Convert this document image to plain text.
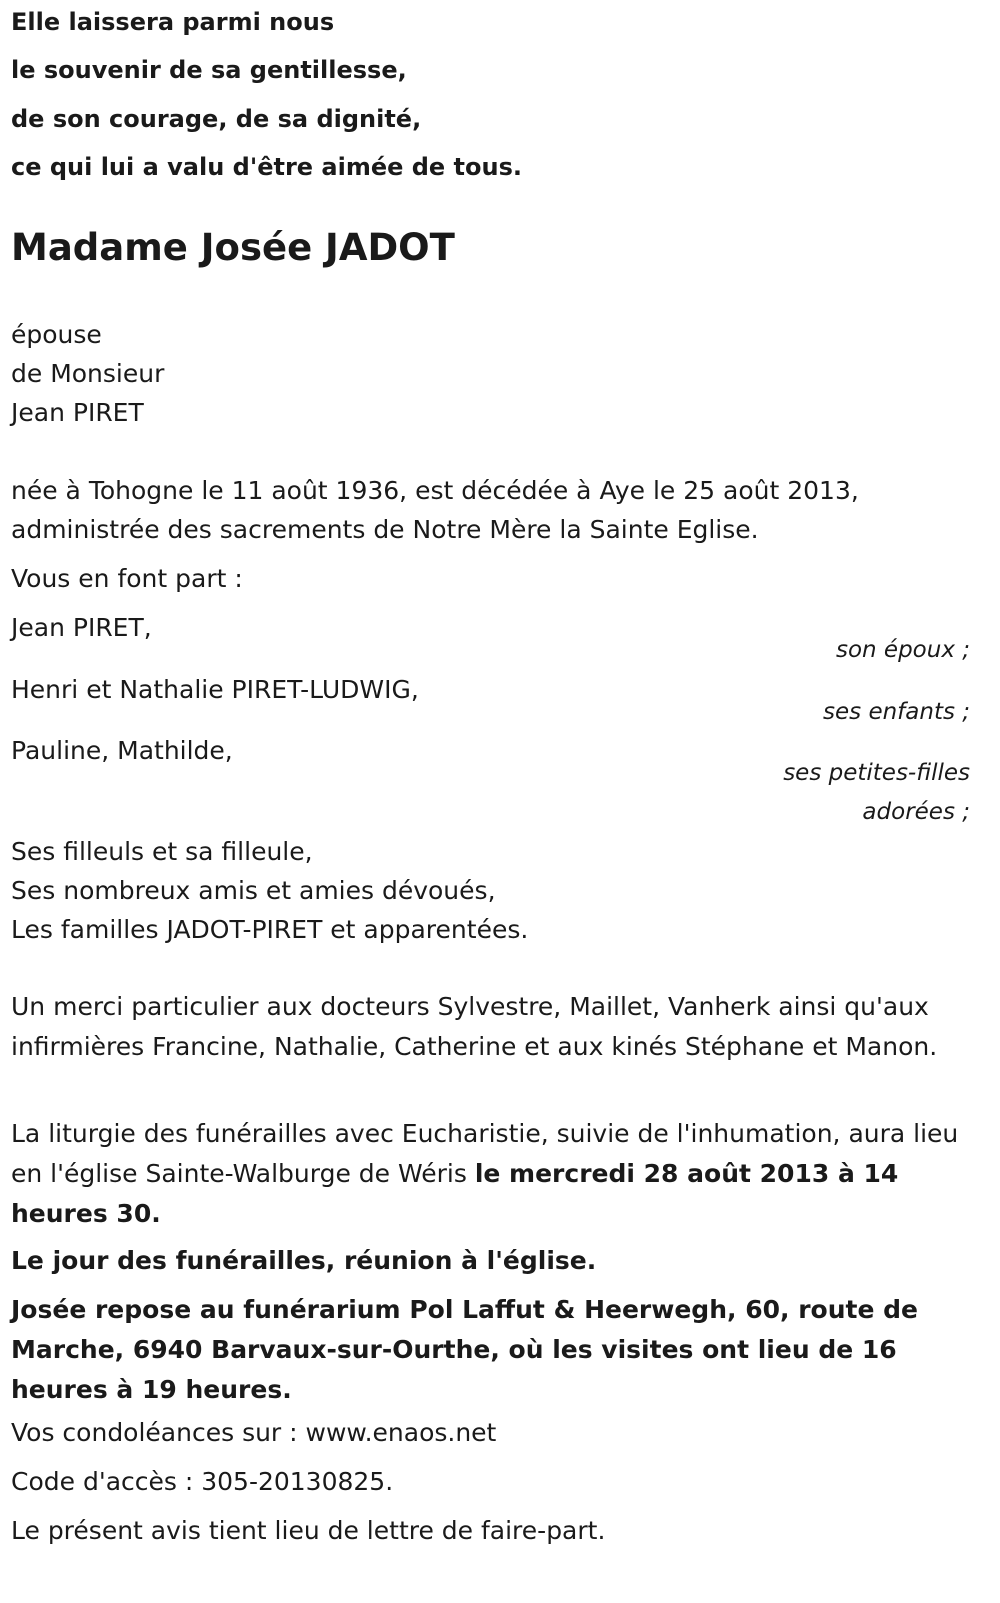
Elle laissera parmi nous
le souvenir de sa gentillesse,
de son courage, de sa dignité,
ce qui lui a valu d'être aimée de tous.
Madame Josée JADOT
épouse
de Monsieur
Jean PIRET
née à Tohogne le 11 août 1936, est décédée à Aye le 25 août 2013,
administrée des sacrements de Notre Mère la Sainte Eglise.
Vous en font part :
Jean PIRET,
son époux ;
Henri et Nathalie PIRET-LUDWIG,
ses enfants ;
Pauline, Mathilde,
ses petites-filles
adorées ;
Ses filleuls et sa filleule,
Ses nombreux amis et amies dévoués,
Les familles JADOT-PIRET et apparentées.
Un merci particulier aux docteurs Sylvestre, Maillet, Vanherk ainsi qu'aux infirmières Francine, Nathalie, Catherine et aux kinés Stéphane et Manon.
La liturgie des funérailles avec Eucharistie, suivie de l'inhumation, aura lieu en l'église Sainte-Walburge de Wéris le mercredi 28 août 2013 à 14 heures 30.
Le jour des funérailles, réunion à l'église.
Josée repose au funérarium Pol Laffut & Heerwegh, 60, route de Marche, 6940 Barvaux-sur-Ourthe, où les visites ont lieu de 16 heures à 19 heures.
Vos condoléances sur : www.enaos.net
Code d'accès : 305-20130825.
Le présent avis tient lieu de lettre de faire-part.
